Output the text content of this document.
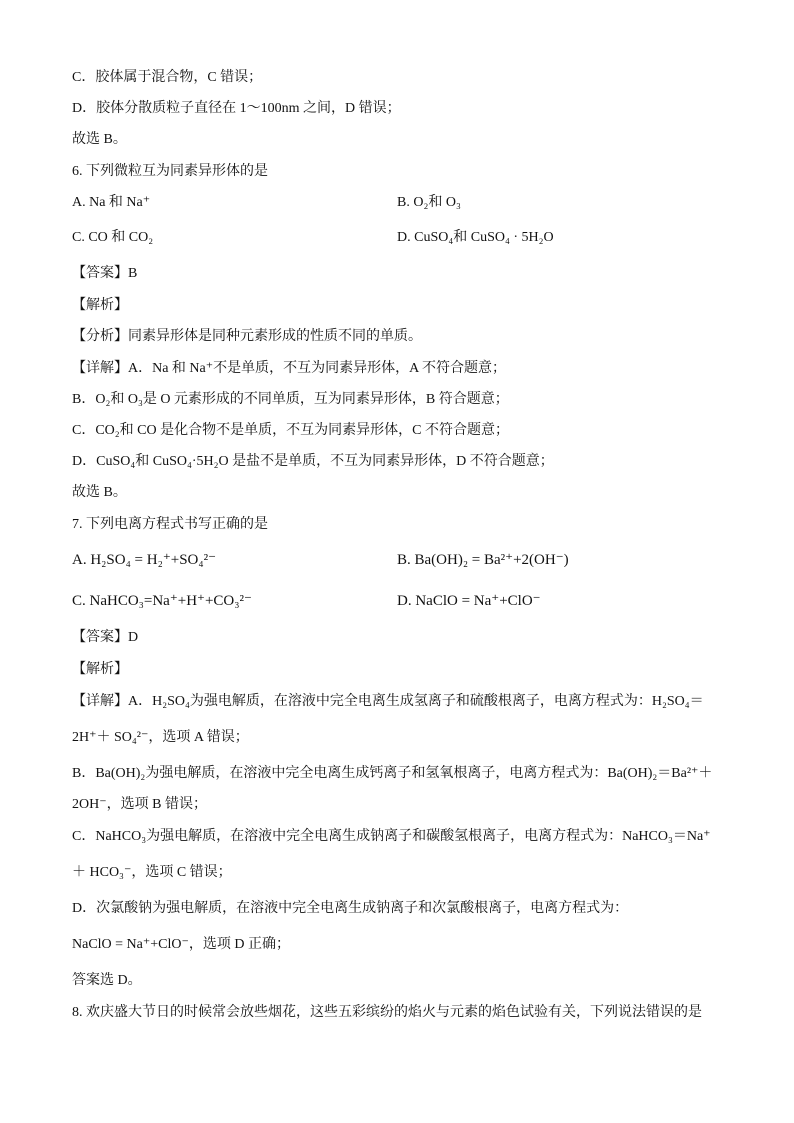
C．胶体属于混合物，C 错误；
D．胶体分散质粒子直径在 1～100nm 之间，D 错误；
故选 B。
6. 下列微粒互为同素异形体的是
A. Na 和 Na⁺	B. O₂和 O₃
C. CO 和 CO₂	D. CuSO₄和 CuSO₄ · 5H₂O
【答案】B
【解析】
【分析】同素异形体是同种元素形成的性质不同的单质。
【详解】A．Na 和 Na⁺不是单质，不互为同素异形体，A 不符合题意；
B．O₂和 O₃是 O 元素形成的不同单质，互为同素异形体，B 符合题意；
C．CO₂和 CO 是化合物不是单质，不互为同素异形体，C 不符合题意；
D．CuSO₄和 CuSO₄·5H₂O 是盐不是单质，不互为同素异形体，D 不符合题意；
故选 B。
7. 下列电离方程式书写正确的是
A. H₂SO₄ = H₂⁺+SO₄²⁻	B. Ba(OH)₂ = Ba²⁺+2(OH⁻)
C. NaHCO₃=Na⁺+H⁺+CO₃²⁻	D. NaClO = Na⁺+ClO⁻
【答案】D
【解析】
【详解】A．H₂SO₄为强电解质，在溶液中完全电离生成氢离子和硫酸根离子，电离方程式为：H₂SO₄＝
2H⁺＋ SO₄²⁻，选项 A 错误；
B．Ba(OH)₂为强电解质，在溶液中完全电离生成钙离子和氢氧根离子，电离方程式为：Ba(OH)₂＝Ba²⁺＋
2OH⁻，选项 B 错误；
C．NaHCO₃为强电解质，在溶液中完全电离生成钠离子和碳酸氢根离子，电离方程式为：NaHCO₃＝Na⁺
＋ HCO₃⁻，选项 C 错误；
D．次氯酸钠为强电解质，在溶液中完全电离生成钠离子和次氯酸根离子，电离方程式为：
NaClO = Na⁺+ClO⁻，选项 D 正确；
答案选 D。
8. 欢庆盛大节日的时候常会放些烟花，这些五彩缤纷的焰火与元素的焰色试验有关，下列说法错误的是
